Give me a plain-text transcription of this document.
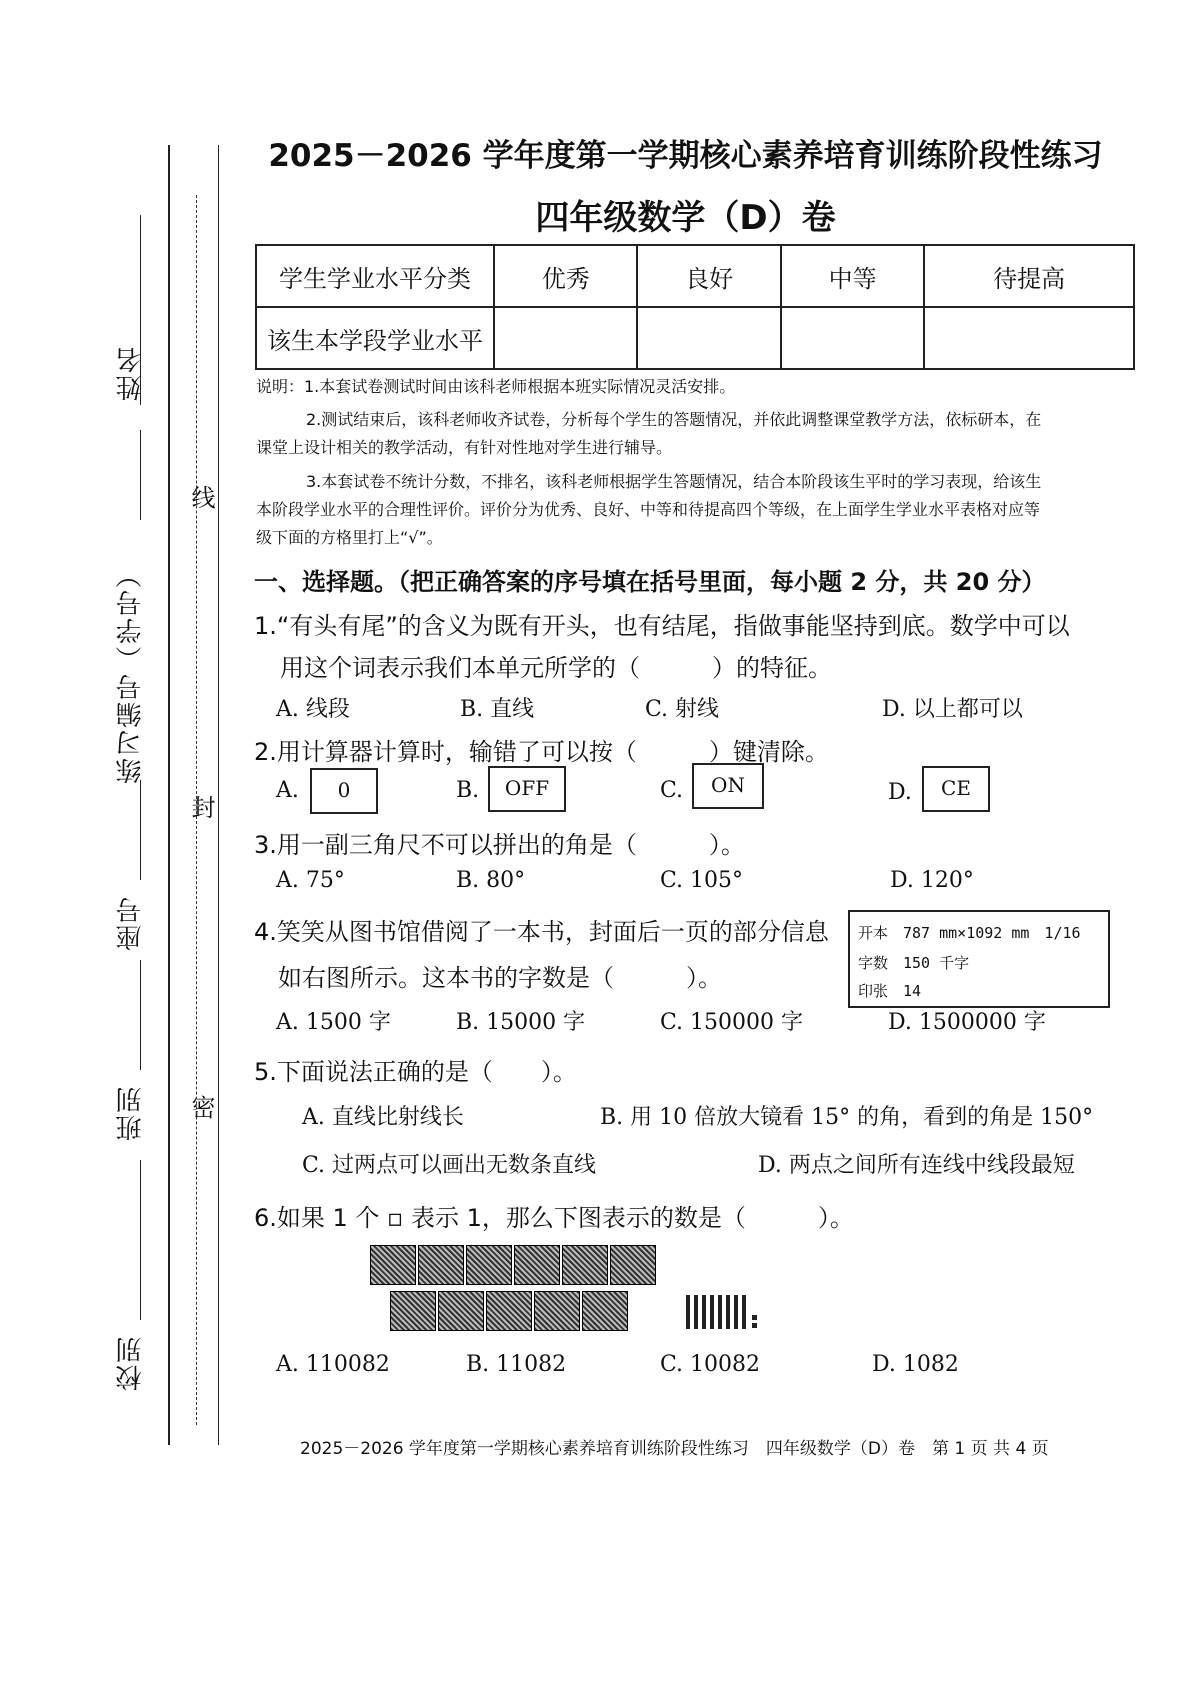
姓名
练习编号（学号）
座号
班别
校别
线
封
密
2025－2026 学年度第一学期核心素养培育训练阶段性练习
四年级数学（D）卷
学生学业水平分类	优秀	良好	中等	待提高
该生本学段学业水平				
说明：1.本套试卷测试时间由该科老师根据本班实际情况灵活安排。
2.测试结束后，该科老师收齐试卷，分析每个学生的答题情况，并依此调整课堂教学方法，依标研本，在
课堂上设计相关的教学活动，有针对性地对学生进行辅导。
3.本套试卷不统计分数，不排名，该科老师根据学生答题情况，结合本阶段该生平时的学习表现，给该生
本阶段学业水平的合理性评价。评价分为优秀、良好、中等和待提高四个等级，在上面学生学业水平表格对应等
级下面的方格里打上“√”。
一、选择题。（把正确答案的序号填在括号里面，每小题 2 分，共 20 分）
1.“有头有尾”的含义为既有开头，也有结尾，指做事能坚持到底。数学中可以
用这个词表示我们本单元所学的（　　　）的特征。
A. 线段	B. 直线	C. 射线	D. 以上都可以
2.用计算器计算时，输错了可以按（　　　）键清除。
A.	0	B.	OFF	C.	ON	D.	CE
3.用一副三角尺不可以拼出的角是（　　　）。
A. 75°	B. 80°	C. 105°	D. 120°
4.笑笑从图书馆借阅了一本书，封面后一页的部分信息
如右图所示。这本书的字数是（　　　）。
开本　787 mm×1092 mm　1/16
字数　150 千字
印张　14
A. 1500 字	B. 15000 字	C. 150000 字	D. 1500000 字
5.下面说法正确的是（　　）。
A. 直线比射线长	B. 用 10 倍放大镜看 15° 的角，看到的角是 150°
C. 过两点可以画出无数条直线	D. 两点之间所有连线中线段最短
6.如果 1 个 ▫ 表示 1，那么下图表示的数是（　　　）。
A. 110082	B. 11082	C. 10082	D. 1082
2025－2026 学年度第一学期核心素养培育训练阶段性练习　四年级数学（D）卷　第 1 页 共 4 页
